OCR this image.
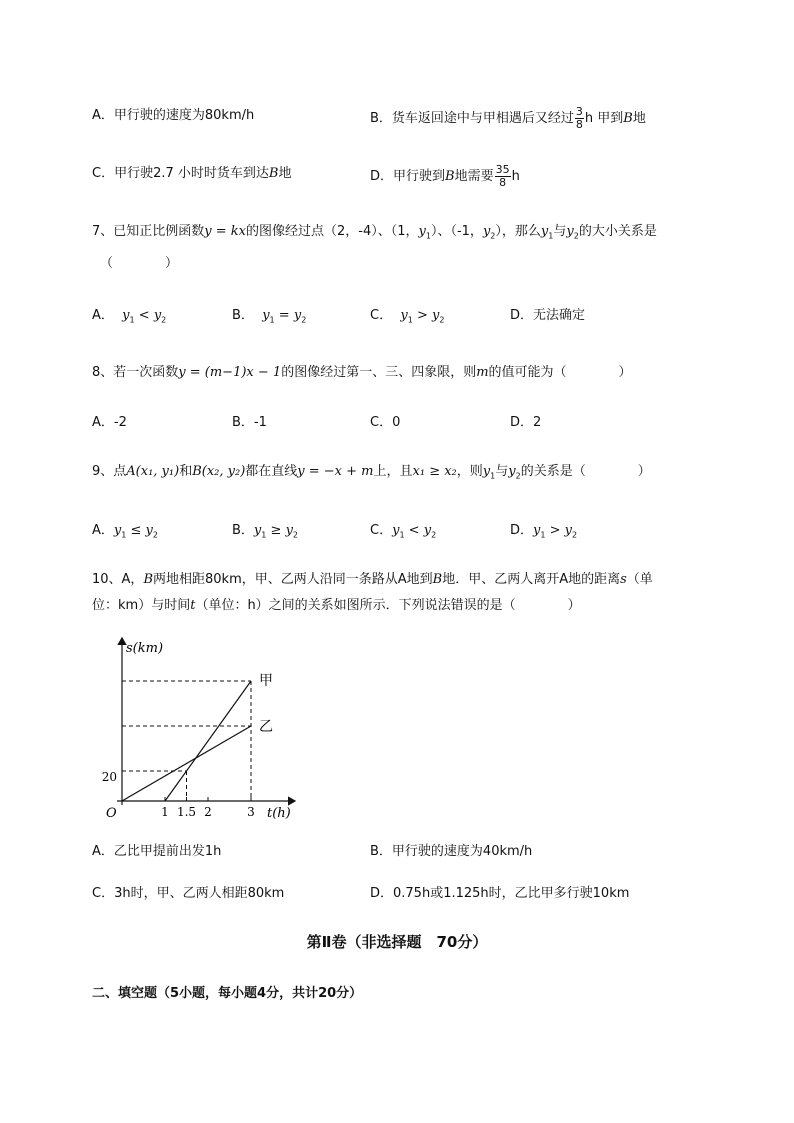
A．甲行驶的速度为80km/h	B．货车返回途中与甲相遇后又经过 $\frac{3}{8}$ h 甲到B地
C．甲行驶2.7 小时时货车到达B地	D．甲行驶到B地需要 $\frac{35}{8}$ h
7、已知正比例函数y = kx的图像经过点（2，-4）、（1，$y_1$）、（-1，$y_2$），那么$y_1$与$y_2$的大小关系是
（　　　　）
A． $y_1 < y_2$	B． $y_1 = y_2$	C． $y_1 > y_2$	D．无法确定
8、若一次函数y = (m−1)x − 1的图像经过第一、三、四象限，则m的值可能为（　　　　）
A．-2	B．-1	C．0	D．2
9、点A(x₁, y₁)和B(x₂, y₂)都在直线y = −x + m上，且x₁ ≥ x₂，则$y_1$与$y_2$的关系是（　　　　）
A．$y_1 \le y_2$	B．$y_1 \ge y_2$	C．$y_1 < y_2$	D．$y_1 > y_2$
10、A，B两地相距80km，甲、乙两人沿同一条路从A地到B地．甲、乙两人离开A地的距离s（单
位：km）与时间t（单位：h）之间的关系如图所示．下列说法错误的是（　　　　）
s(km)
t(h)
O
甲
乙
1 1.5 2	3
20
A．乙比甲提前出发1h	B．甲行驶的速度为40km/h
C．3h时，甲、乙两人相距80km	D．0.75h或1.125h时，乙比甲多行驶10km
第Ⅱ卷（非选择题　70分）
二、填空题（5小题，每小题4分，共计20分）
